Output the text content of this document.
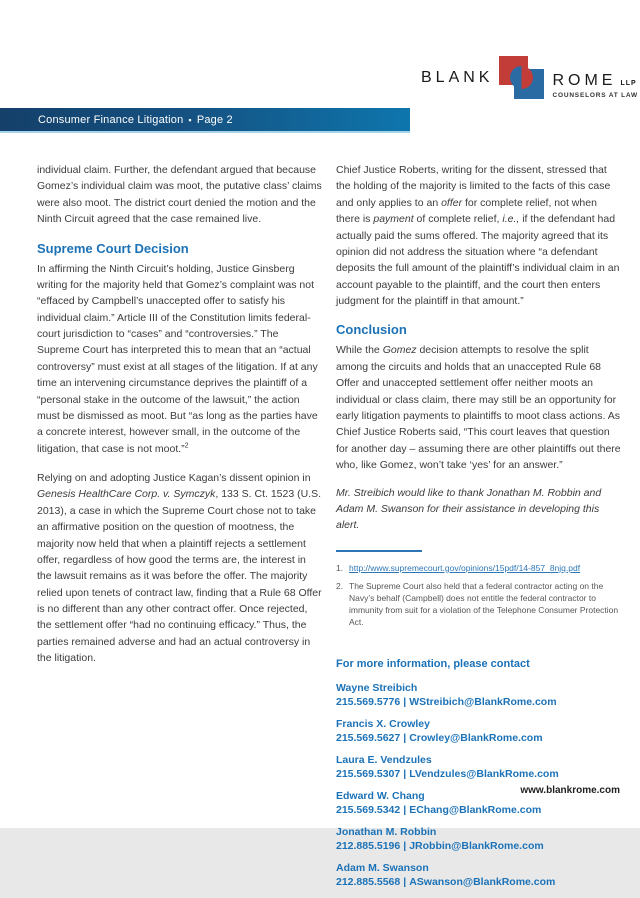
BLANK	ROME LLP
COUNSELORS AT LAW
Consumer Finance Litigation ▪ Page 2

individual claim. Further, the defendant argued that because Gomez’s individual claim was moot, the putative class’ claims were also moot. The district court denied the motion and the Ninth Circuit agreed that the case remained live.

Supreme Court Decision

In affirming the Ninth Circuit’s holding, Justice Ginsberg writing for the majority held that Gomez’s complaint was not “effaced by Campbell’s unaccepted offer to satisfy his individual claim.” Article III of the Constitution limits federal-court jurisdiction to “cases” and “controversies.” The Supreme Court has interpreted this to mean that an “actual controversy” must exist at all stages of the litigation. If at any time an intervening circumstance deprives the plaintiff of a “personal stake in the outcome of the lawsuit,” the action must be dismissed as moot. But “as long as the parties have a concrete interest, however small, in the outcome of the litigation, that case is not moot.”$^2$

Relying on and adopting Justice Kagan’s dissent opinion in Genesis HealthCare Corp. v. Symczyk, 133 S. Ct. 1523 (U.S. 2013), a case in which the Supreme Court chose not to take an affirmative position on the question of mootness, the majority now held that when a plaintiff rejects a settlement offer, regardless of how good the terms are, the interest in the lawsuit remains as it was before the offer. The majority relied upon tenets of contract law, finding that a Rule 68 Offer is no different than any other contract offer. Once rejected, the settlement offer “had no continuing efficacy.” Thus, the parties remained adverse and had an actual controversy in the litigation.

Chief Justice Roberts, writing for the dissent, stressed that the holding of the majority is limited to the facts of this case and only applies to an offer for complete relief, not when there is payment of complete relief, i.e., if the defendant had actually paid the sums offered. The majority agreed that its opinion did not address the situation where “a defendant deposits the full amount of the plaintiff’s individual claim in an account payable to the plaintiff, and the court then enters judgment for the plaintiff in that amount.”

Conclusion

While the Gomez decision attempts to resolve the split among the circuits and holds that an unaccepted Rule 68 Offer and unaccepted settlement offer neither moots an individual or class claim, there may still be an opportunity for early litigation payments to plaintiffs to moot class actions. As Chief Justice Roberts said, “This court leaves that question for another day – assuming there are other plaintiffs out there who, like Gomez, won’t take ‘yes’ for an answer.”

Mr. Streibich would like to thank Jonathan M. Robbin and Adam M. Swanson for their assistance in developing this alert.

1. http://www.supremecourt.gov/opinions/15pdf/14-857_8njq.pdf
2. The Supreme Court also held that a federal contractor acting on the Navy’s behalf (Campbell) does not entitle the federal contractor to immunity from suit for a violation of the Telephone Consumer Protection Act.
For more information, please contact
Wayne Streibich
215.569.5776 | WStreibich@BlankRome.com
Francis X. Crowley
215.569.5627 | Crowley@BlankRome.com
Laura E. Vendzules
215.569.5307 | LVendzules@BlankRome.com
Edward W. Chang
215.569.5342 | EChang@BlankRome.com
Jonathan M. Robbin
212.885.5196 | JRobbin@BlankRome.com
Adam M. Swanson
212.885.5568 | ASwanson@BlankRome.com
www.blankrome.com
